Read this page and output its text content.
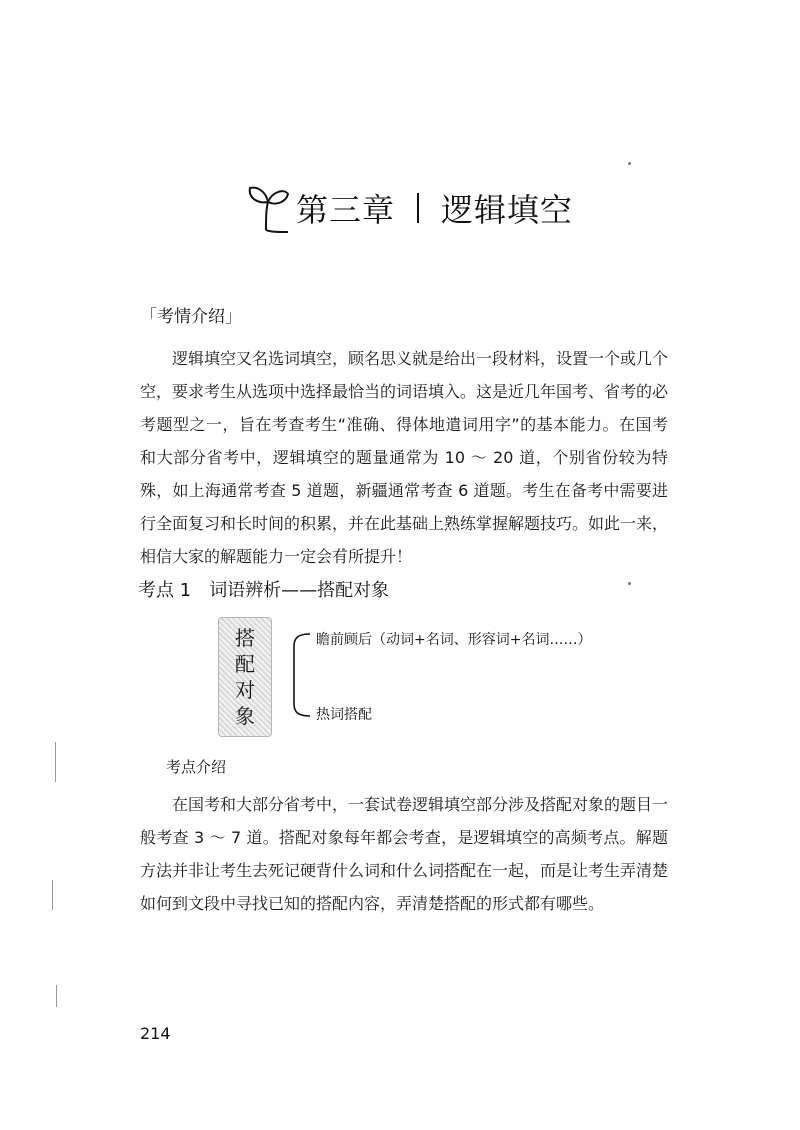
第三章 逻辑填空
「考情介绍」

逻辑填空又名选词填空，顾名思义就是给出一段材料，设置一个或几个空，要求考生从选项中选择最恰当的词语填入。这是近几年国考、省考的必考题型之一，旨在考查考生“准确、得体地遣词用字”的基本能力。在国考和大部分省考中，逻辑填空的题量通常为 10 ～ 20 道，个别省份较为特殊，如上海通常考查 5 道题，新疆通常考查 6 道题。考生在备考中需要进行全面复习和长时间的积累，并在此基础上熟练掌握解题技巧。如此一来，相信大家的解题能力一定会有所提升！

考点 1 词语辨析——搭配对象
搭
配
对
象
瞻前顾后（动词+名词、形容词+名词……）
热词搭配
考点介绍

在国考和大部分省考中，一套试卷逻辑填空部分涉及搭配对象的题目一般考查 3 ～ 7 道。搭配对象每年都会考查，是逻辑填空的高频考点。解题方法并非让考生去死记硬背什么词和什么词搭配在一起，而是让考生弄清楚如何到文段中寻找已知的搭配内容，弄清楚搭配的形式都有哪些。

214
